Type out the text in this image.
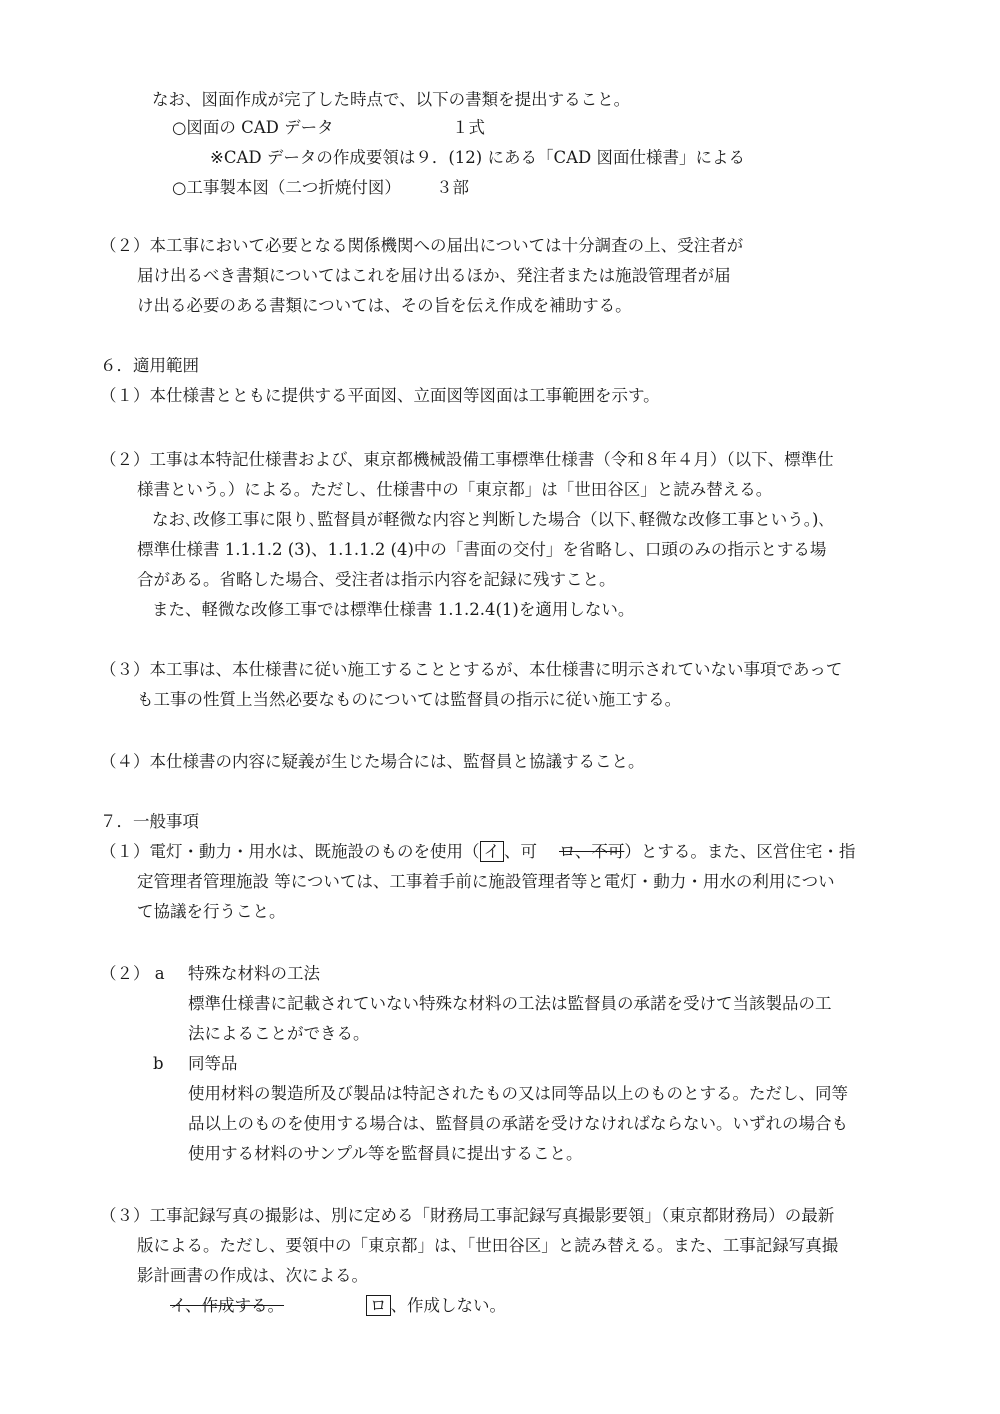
なお、図面作成が完了した時点で、以下の書類を提出すること。
○図面の CAD データ	１式
※CAD データの作成要領は９．(12) にある「CAD 図面仕様書」による
○工事製本図（二つ折焼付図） ３部
（２）本工事において必要となる関係機関への届出については十分調査の上、受注者が
届け出るべき書類についてはこれを届け出るほか、発注者または施設管理者が届
け出る必要のある書類については、その旨を伝え作成を補助する。
６．適用範囲
（１）本仕様書とともに提供する平面図、立面図等図面は工事範囲を示す。
（２）工事は本特記仕様書および、東京都機械設備工事標準仕様書（令和８年４月）（以下、標準仕
様書という。）による。ただし、仕様書中の「東京都」は「世田谷区」と読み替える。
なお､改修工事に限り､監督員が軽微な内容と判断した場合（以下､軽微な改修工事という｡)､
標準仕様書 1.1.1.2 (3)、1.1.1.2 (4)中の「書面の交付」を省略し、口頭のみの指示とする場
合がある。省略した場合、受注者は指示内容を記録に残すこと。
また、軽微な改修工事では標準仕様書 1.1.2.4(1)を適用しない。
（３）本工事は、本仕様書に従い施工することとするが、本仕様書に明示されていない事項であって
も工事の性質上当然必要なものについては監督員の指示に従い施工する。
（４）本仕様書の内容に疑義が生じた場合には、監督員と協議すること。
７．一般事項
（１）電灯・動力・用水は、既施設のものを使用（ イ 、可 ロ、不可）とする。また、区営住宅・指
定管理者管理施設 等については、工事着手前に施設管理者等と電灯・動力・用水の利用につい
て協議を行うこと。
（２） a 特殊な材料の工法
標準仕様書に記載されていない特殊な材料の工法は監督員の承諾を受けて当該製品の工
法によることができる。
b 同等品
使用材料の製造所及び製品は特記されたもの又は同等品以上のものとする。ただし、同等
品以上のものを使用する場合は、監督員の承諾を受けなければならない。いずれの場合も
使用する材料のサンプル等を監督員に提出すること。
（３）工事記録写真の撮影は、別に定める「財務局工事記録写真撮影要領」（東京都財務局）の最新
版による。ただし、要領中の「東京都」は、「世田谷区」と読み替える。また、工事記録写真撮
影計画書の作成は、次による。
イ、作成する。	ロ 、作成しない。
